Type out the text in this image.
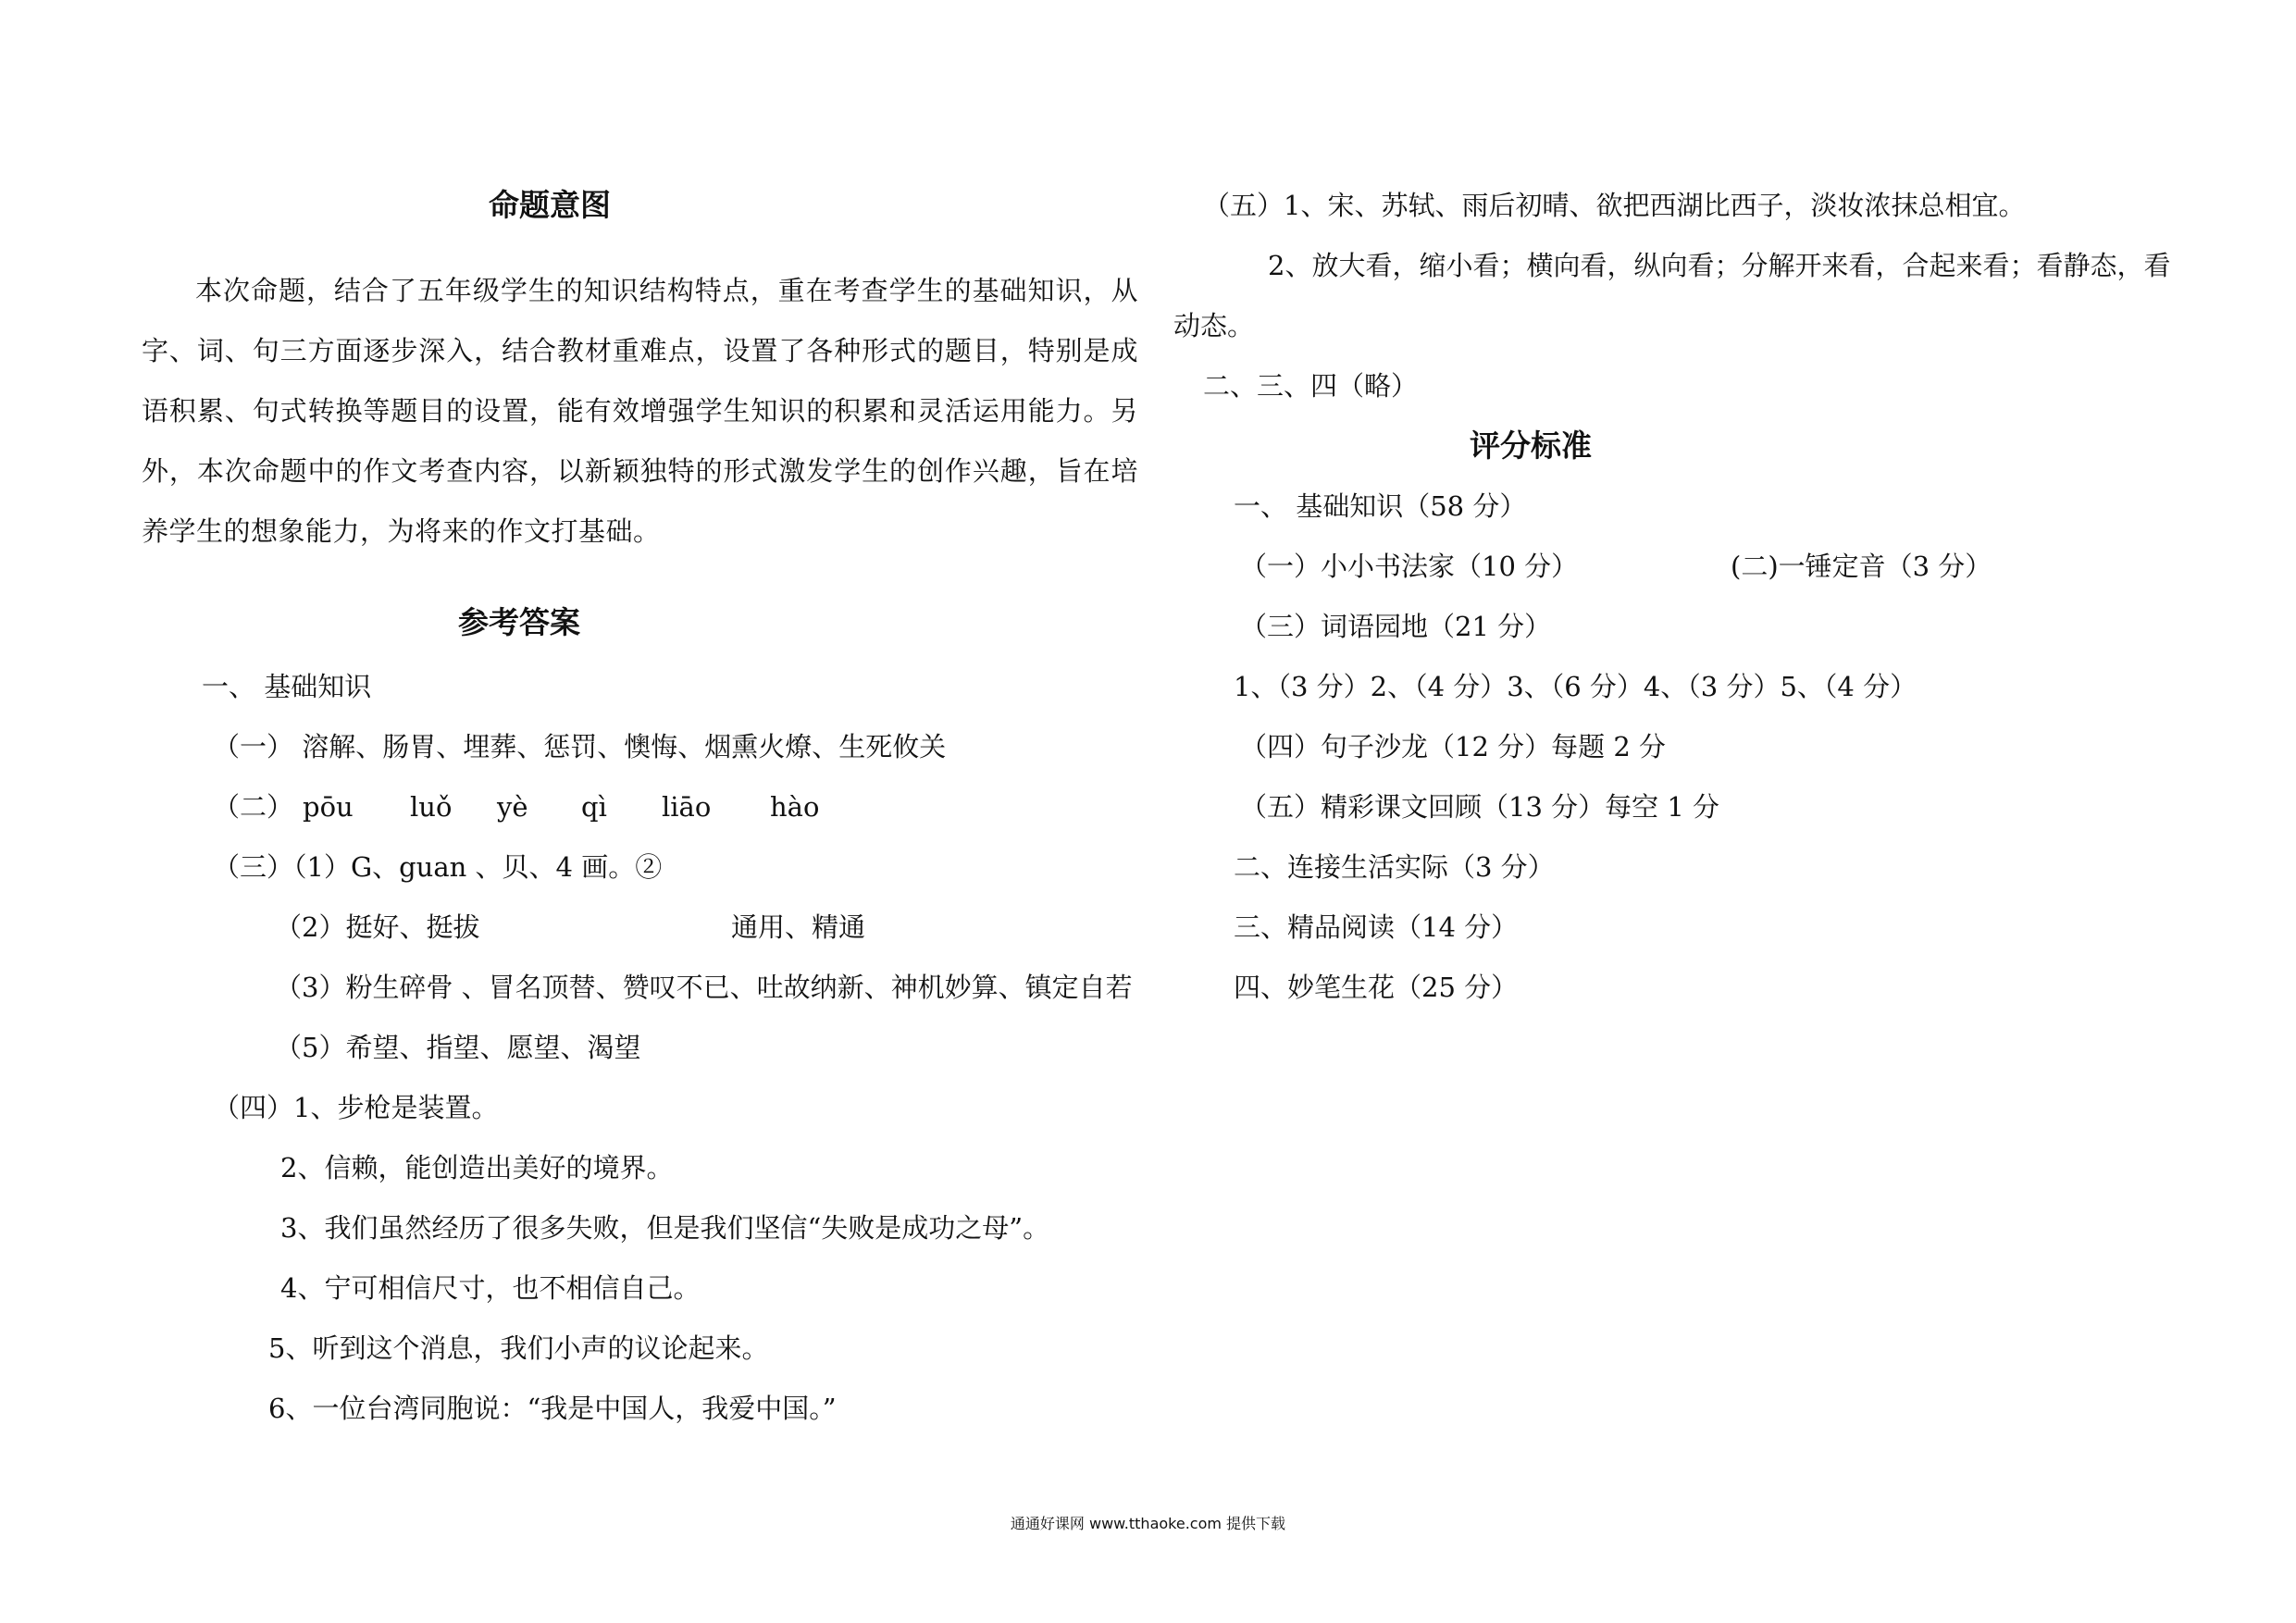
命题意图
本次命题，结合了五年级学生的知识结构特点，重在考查学生的基础知识，从字、词、句三方面逐步深入，结合教材重难点，设置了各种形式的题目，特别是成语积累、句式转换等题目的设置，能有效增强学生知识的积累和灵活运用能力。另外，本次命题中的作文考查内容，以新颖独特的形式激发学生的创作兴趣，旨在培养学生的想象能力，为将来的作文打基础。
参考答案
一、 基础知识
（一） 溶解、肠胃、埋葬、惩罚、懊悔、烟熏火燎、生死攸关
（二） pōu luǒ yè qì liāo hào
（三）（1）G、guan 、贝、4 画。②
（2）挺好、挺拔	通用、精通
（3）粉生碎骨 、冒名顶替、赞叹不已、吐故纳新、神机妙算、镇定自若
（5）希望、指望、愿望、渴望
（四）1、步枪是装置。
2、信赖，能创造出美好的境界。
3、我们虽然经历了很多失败，但是我们坚信“失败是成功之母”。
4、宁可相信尺寸，也不相信自己。
5、听到这个消息，我们小声的议论起来。
6、一位台湾同胞说：“我是中国人，我爱中国。”
（五）1、宋、苏轼、雨后初晴、欲把西湖比西子，淡妆浓抹总相宜。
2、放大看，缩小看；横向看，纵向看；分解开来看，合起来看；看静态，看
动态。
二、三、四（略）
评分标准
一、 基础知识（58 分）
（一）小小书法家（10 分）	(二)一锤定音（3 分）
（三）词语园地（21 分）
1、（3 分）2、（4 分）3、（6 分）4、（3 分）5、（4 分）
（四）句子沙龙（12 分）每题 2 分
（五）精彩课文回顾（13 分）每空 1 分
二、连接生活实际（3 分）
三、精品阅读（14 分）
四、妙笔生花（25 分）
通通好课网 www.tthaoke.com 提供下载
